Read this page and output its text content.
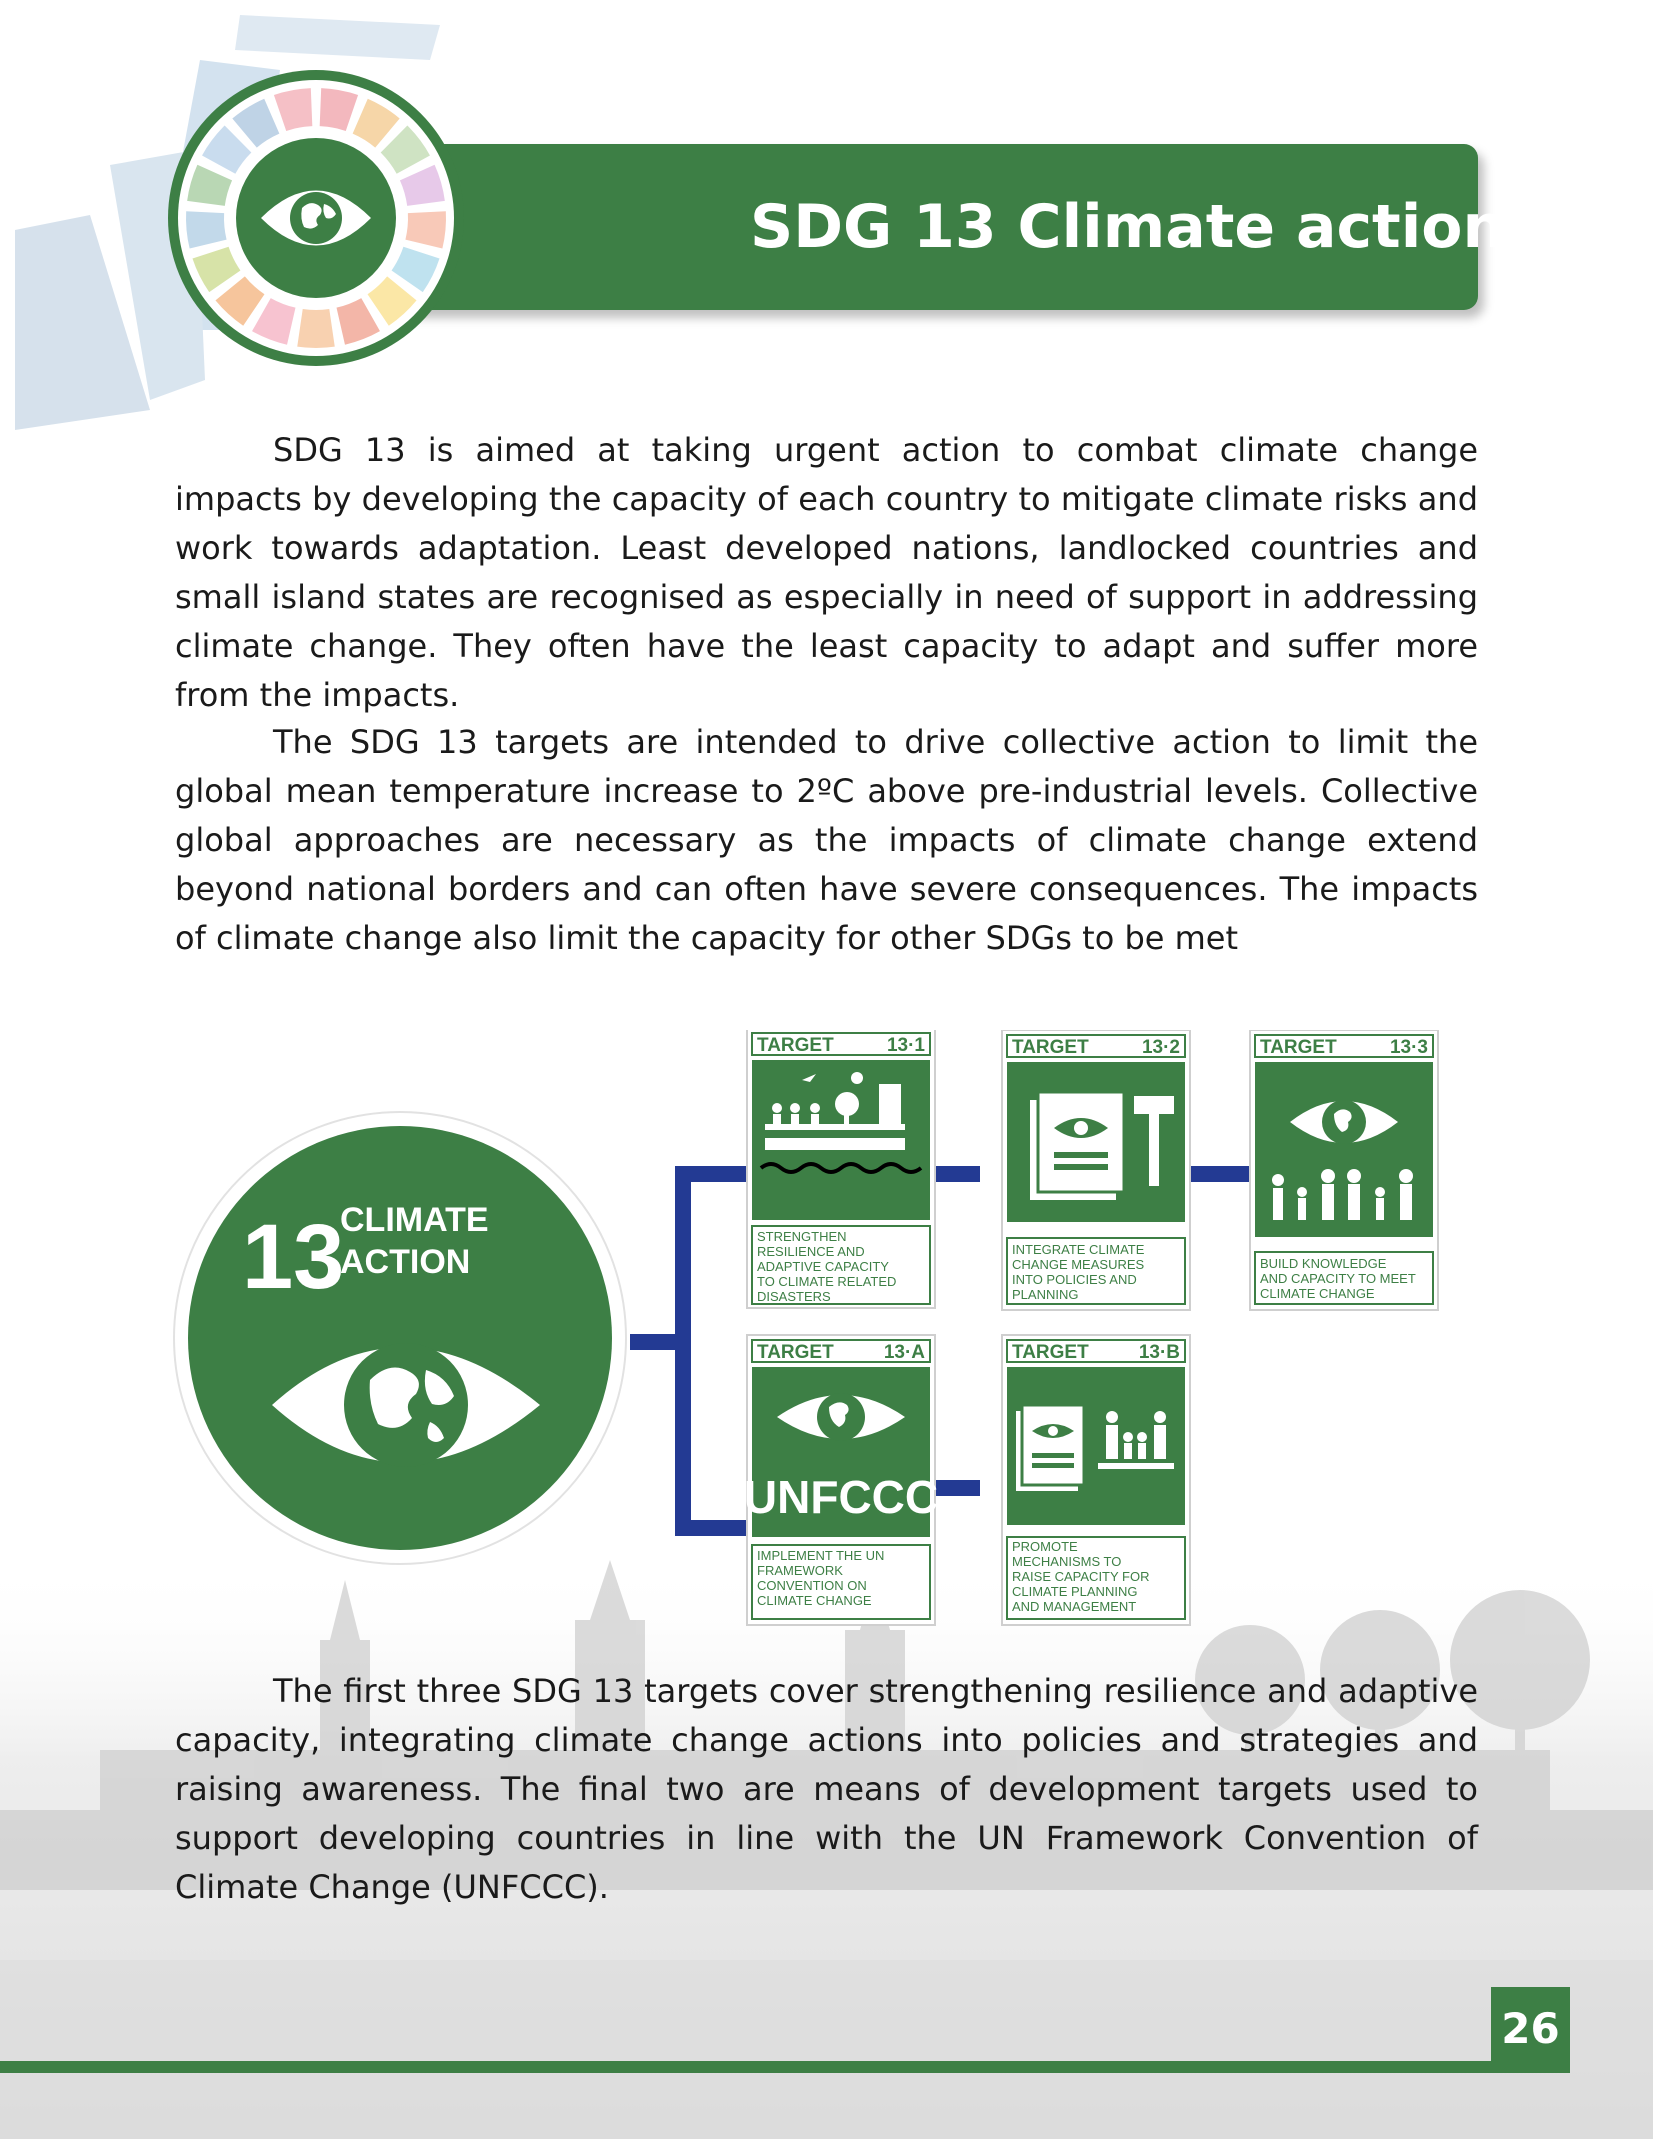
SDG 13 Climate action

SDG 13 is aimed at taking urgent action to combat climate change impacts by developing the capacity of each country to mitigate climate risks and work towards adaptation. Least developed nations, landlocked countries and small island states are recognised as especially in need of support in addressing climate change. They often have the least capacity to adapt and suffer more from the impacts.

The SDG 13 targets are intended to drive collective action to limit the global mean temperature increase to 2ºC above pre-industrial levels. Collective global approaches are necessary as the impacts of climate change extend beyond national borders and can often have severe consequences. The impacts of climate change also limit the capacity for other SDGs to be met

13
CLIMATE
ACTION
TARGET	13·1
STRENGTHEN RESILIENCE AND ADAPTIVE CAPACITY TO CLIMATE RELATED DISASTERS
TARGET	13·2
INTEGRATE CLIMATE CHANGE MEASURES INTO POLICIES AND PLANNING
TARGET	13·3
BUILD KNOWLEDGE AND CAPACITY TO MEET CLIMATE CHANGE
TARGET	13·A
UNFCCC
IMPLEMENT THE UN FRAMEWORK CONVENTION ON CLIMATE CHANGE
TARGET	13·B
PROMOTE MECHANISMS TO RAISE CAPACITY FOR CLIMATE PLANNING AND MANAGEMENT

The first three SDG 13 targets cover strengthening resilience and adaptive capacity, integrating climate change actions into policies and strategies and raising awareness. The final two are means of development targets used to support developing countries in line with the UN Framework Convention of Climate Change (UNFCCC).

26
